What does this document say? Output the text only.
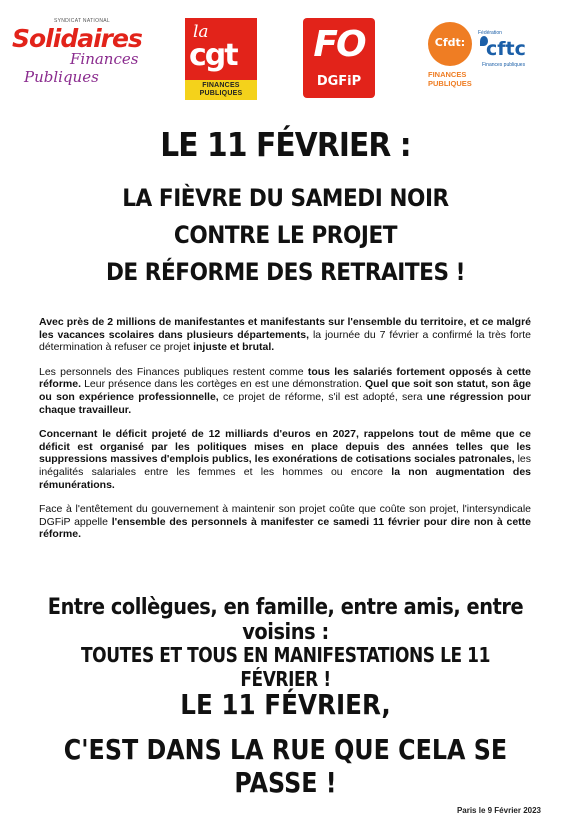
SYNDICAT NATIONAL
Solidaires
Finances
Publiques
la
cgt
FINANCES
PUBLIQUES
FO
DGFiP
Cfdt:
FINANCES
PUBLIQUES
Fédération
cftc
Finances publiques
LE 11 FÉVRIER :
LA FIÈVRE DU SAMEDI NOIR
CONTRE LE PROJET
DE RÉFORME DES RETRAITES !

Avec près de 2 millions de manifestantes et manifestants sur l'ensemble du territoire, et ce malgré les vacances scolaires dans plusieurs départements, la journée du 7 février a confirmé la très forte détermination à refuser ce projet injuste et brutal.

Les personnels des Finances publiques restent comme tous les salariés fortement opposés à cette réforme. Leur présence dans les cortèges en est une démonstration. Quel que soit son statut, son âge ou son expérience professionnelle, ce projet de réforme, s'il est adopté, sera une régression pour chaque travailleur.

Concernant le déficit projeté de 12 milliards d'euros en 2027, rappelons tout de même que ce déficit est organisé par les politiques mises en place depuis des années telles que les suppressions massives d'emplois publics, les exonérations de cotisations sociales patronales, les inégalités salariales entre les femmes et les hommes ou encore la non augmentation des rémunérations.

Face à l'entêtement du gouvernement à maintenir son projet coûte que coûte son projet, l'intersyndicale DGFiP appelle l'ensemble des personnels à manifester ce samedi 11 février pour dire non à cette réforme.

Entre collègues, en famille, entre amis, entre voisins :
TOUTES ET TOUS EN MANIFESTATIONS LE 11 FÉVRIER !
LE 11 FÉVRIER,
C'EST DANS LA RUE QUE CELA SE PASSE !
Paris le 9 Février 2023
